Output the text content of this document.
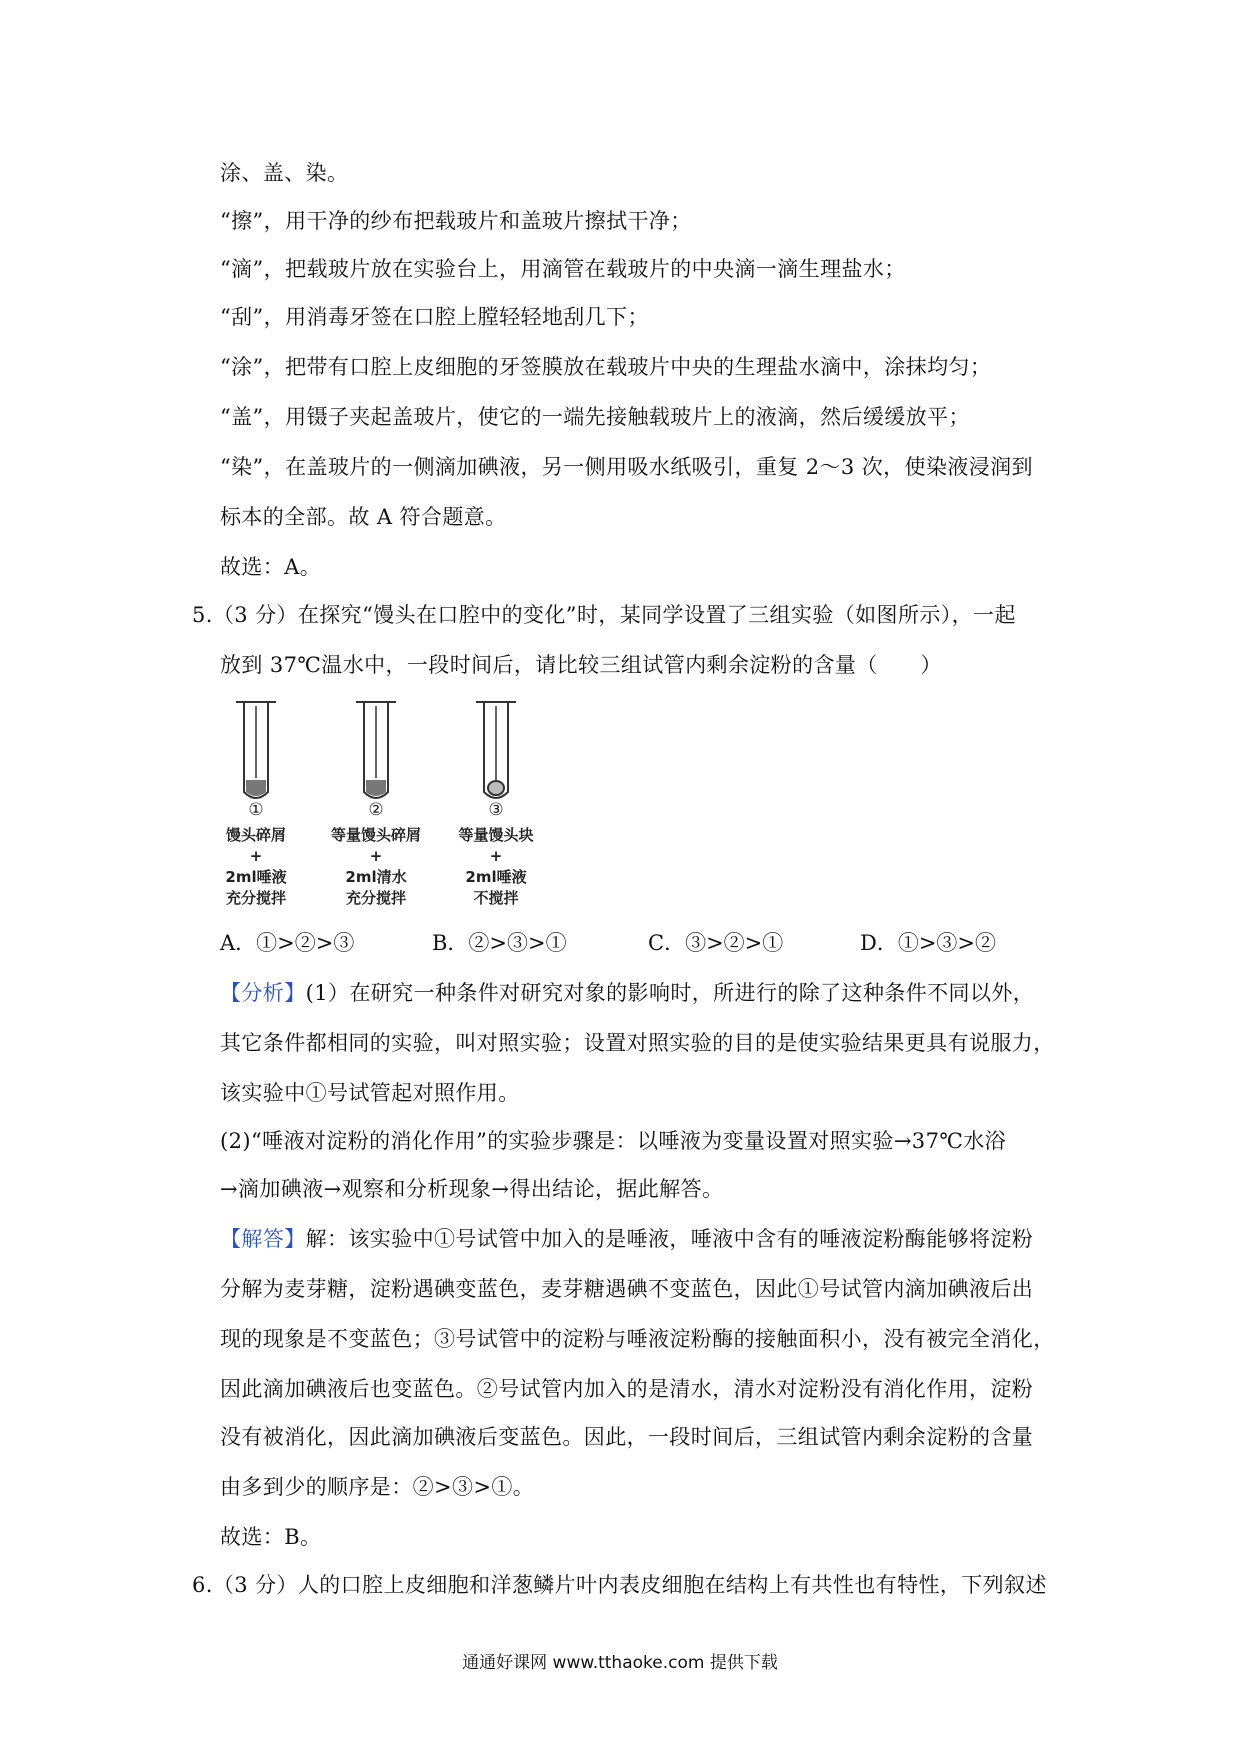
涂、盖、染。
“擦”，用干净的纱布把载玻片和盖玻片擦拭干净；
“滴”，把载玻片放在实验台上，用滴管在载玻片的中央滴一滴生理盐水；
“刮”，用消毒牙签在口腔上膛轻轻地刮几下；
“涂”，把带有口腔上皮细胞的牙签膜放在载玻片中央的生理盐水滴中，涂抹均匀；
“盖”，用镊子夹起盖玻片，使它的一端先接触载玻片上的液滴，然后缓缓放平；
“染”，在盖玻片的一侧滴加碘液，另一侧用吸水纸吸引，重复 2～3 次，使染液浸润到
标本的全部。故 A 符合题意。
故选：A。
5.（3 分）在探究“馒头在口腔中的变化”时，某同学设置了三组实验（如图所示），一起
放到 37℃温水中，一段时间后，请比较三组试管内剩余淀粉的含量（　　）
①	②	③
馒头碎屑
+
2ml唾液
充分搅拌
等量馒头碎屑
+
2ml清水
充分搅拌
等量馒头块
+
2ml唾液
不搅拌
A．①>②>③	B．②>③>①	C．③>②>①	D．①>③>②
【分析】(1）在研究一种条件对研究对象的影响时，所进行的除了这种条件不同以外，
其它条件都相同的实验，叫对照实验；设置对照实验的目的是使实验结果更具有说服力，
该实验中①号试管起对照作用。
(2)“唾液对淀粉的消化作用”的实验步骤是：以唾液为变量设置对照实验→37℃水浴
→滴加碘液→观察和分析现象→得出结论，据此解答。
【解答】解：该实验中①号试管中加入的是唾液，唾液中含有的唾液淀粉酶能够将淀粉
分解为麦芽糖，淀粉遇碘变蓝色，麦芽糖遇碘不变蓝色，因此①号试管内滴加碘液后出
现的现象是不变蓝色；③号试管中的淀粉与唾液淀粉酶的接触面积小，没有被完全消化，
因此滴加碘液后也变蓝色。②号试管内加入的是清水，清水对淀粉没有消化作用，淀粉
没有被消化，因此滴加碘液后变蓝色。因此，一段时间后，三组试管内剩余淀粉的含量
由多到少的顺序是：②>③>①。
故选：B。
6.（3 分）人的口腔上皮细胞和洋葱鳞片叶内表皮细胞在结构上有共性也有特性，下列叙述
通通好课网 www.tthaoke.com 提供下载
